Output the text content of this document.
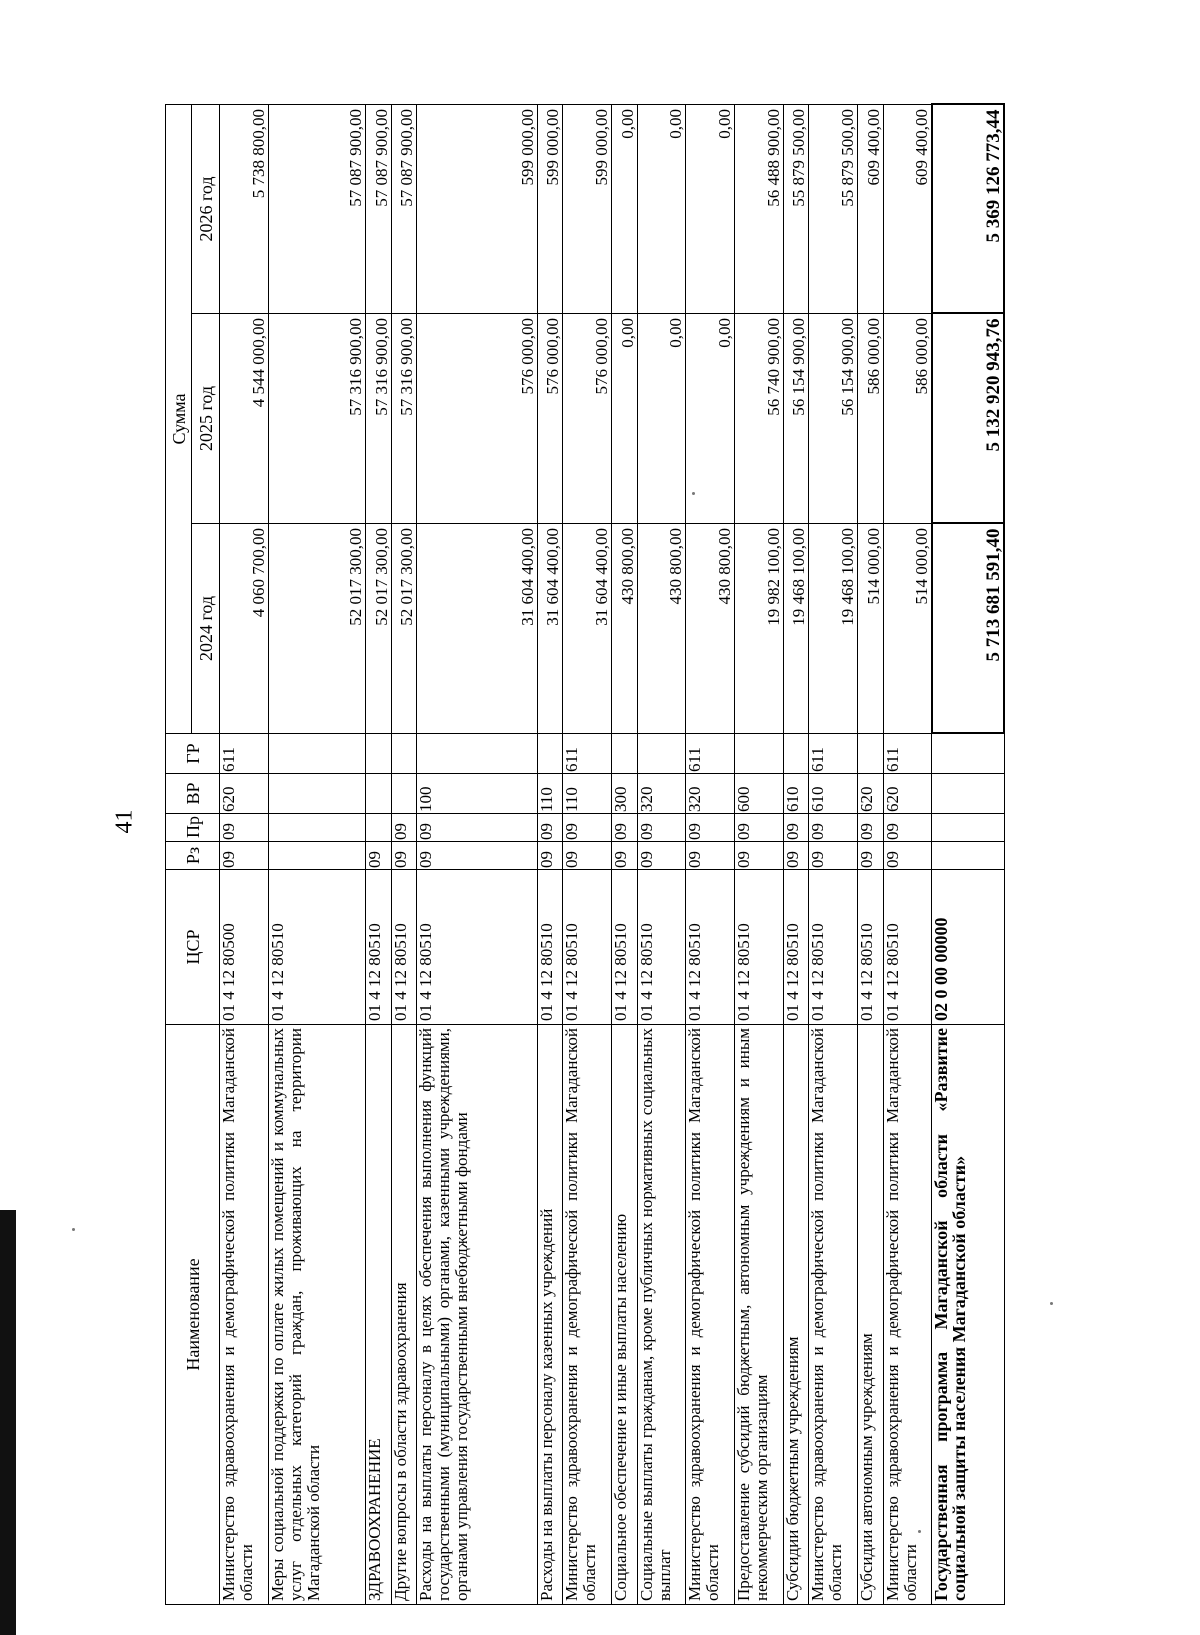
41
Наименование	ЦСР	Рз	Пр	ВР	ГР	Сумма		
						2024 год	2025 год	2026 год
Министерство здравоохранения и демографической политики Магаданской области	01 4 12 80500	09	09	620	611	4 060 700,00	4 544 000,00	5 738 800,00
Меры социальной поддержки по оплате жилых помещений и коммунальных услуг отдельных категорий граждан, проживающих на территории Магаданской области	01 4 12 80510					52 017 300,00	57 316 900,00	57 087 900,00
ЗДРАВООХРАНЕНИЕ	01 4 12 80510	09				52 017 300,00	57 316 900,00	57 087 900,00
Другие вопросы в области здравоохранения	01 4 12 80510	09	09			52 017 300,00	57 316 900,00	57 087 900,00
Расходы на выплаты персоналу в целях обеспечения выполнения функций государственными (муниципальными) органами, казенными учреждениями, органами управления государственными внебюджетными фондами	01 4 12 80510	09	09	100		31 604 400,00	576 000,00	599 000,00
Расходы на выплаты персоналу казенных учреждений	01 4 12 80510	09	09	110		31 604 400,00	576 000,00	599 000,00
Министерство здравоохранения и демографической политики Магаданской области	01 4 12 80510	09	09	110	611	31 604 400,00	576 000,00	599 000,00
Социальное обеспечение и иные выплаты населению	01 4 12 80510	09	09	300		430 800,00	0,00	0,00
Социальные выплаты гражданам, кроме публичных нормативных социальных выплат	01 4 12 80510	09	09	320		430 800,00	0,00	0,00
Министерство здравоохранения и демографической политики Магаданской области	01 4 12 80510	09	09	320	611	430 800,00	0,00	0,00
Предоставление субсидий бюджетным, автономным учреждениям и иным некоммерческим организациям	01 4 12 80510	09	09	600		19 982 100,00	56 740 900,00	56 488 900,00
Субсидии бюджетным учреждениям	01 4 12 80510	09	09	610		19 468 100,00	56 154 900,00	55 879 500,00
Министерство здравоохранения и демографической политики Магаданской области	01 4 12 80510	09	09	610	611	19 468 100,00	56 154 900,00	55 879 500,00
Субсидии автономным учреждениям	01 4 12 80510	09	09	620		514 000,00	586 000,00	609 400,00
Министерство здравоохранения и демографической политики Магаданской области	01 4 12 80510	09	09	620	611	514 000,00	586 000,00	609 400,00
Государственная программа Магаданской области «Развитие социальной защиты населения Магаданской области»	02 0 00 00000					5 713 681 591,40	5 132 920 943,76	5 369 126 773,44
